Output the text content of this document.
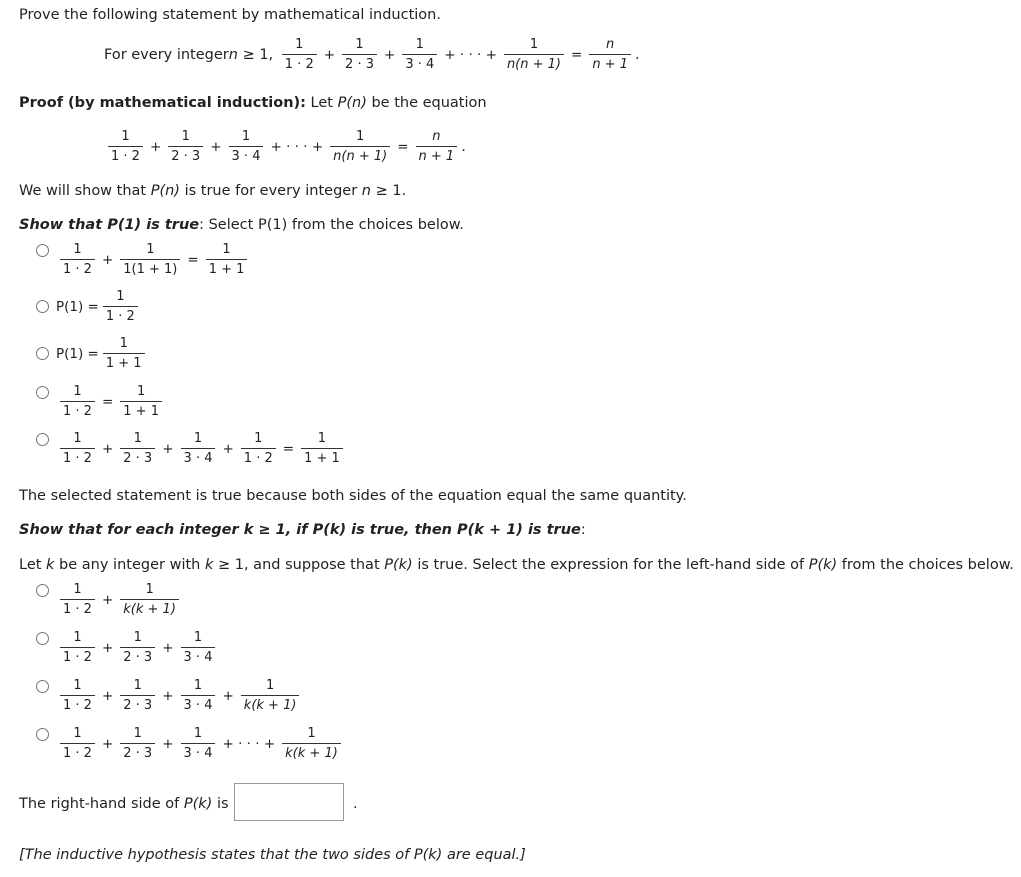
Prove the following statement by mathematical induction.
For every integer n ≥ 1, $\frac{1}{1 \cdot 2} + \frac{1}{2 \cdot 3} + \frac{1}{3 \cdot 4}$ + · · · + $\frac{1}{n(n + 1)} = \frac{n}{n + 1}$ .
Proof (by mathematical induction): Let P(n) be the equation
$\frac{1}{1 \cdot 2} + \frac{1}{2 \cdot 3} + \frac{1}{3 \cdot 4}$ + · · · + $\frac{1}{n(n + 1)} = \frac{n}{n + 1}$ .
We will show that P(n) is true for every integer n ≥ 1.
Show that P(1) is true: Select P(1) from the choices below.
$\frac{1}{1 \cdot 2} + \frac{1}{1(1 + 1)} = \frac{1}{1 + 1}$
$P(1) = \frac{1}{1 \cdot 2}$
$P(1) = \frac{1}{1 + 1}$
$\frac{1}{1 \cdot 2} = \frac{1}{1 + 1}$
$\frac{1}{1 \cdot 2} + \frac{1}{2 \cdot 3} + \frac{1}{3 \cdot 4} + \frac{1}{1 \cdot 2} = \frac{1}{1 + 1}$
The selected statement is true because both sides of the equation equal the same quantity.
Show that for each integer k ≥ 1, if P(k) is true, then P(k + 1) is true:
Let k be any integer with k ≥ 1, and suppose that P(k) is true. Select the expression for the left-hand side of P(k) from the choices below.
$\frac{1}{1 \cdot 2} + \frac{1}{k(k + 1)}$
$\frac{1}{1 \cdot 2} + \frac{1}{2 \cdot 3} + \frac{1}{3 \cdot 4}$
$\frac{1}{1 \cdot 2} + \frac{1}{2 \cdot 3} + \frac{1}{3 \cdot 4} + \frac{1}{k(k + 1)}$
$\frac{1}{1 \cdot 2} + \frac{1}{2 \cdot 3} + \frac{1}{3 \cdot 4}$ + · · · + $\frac{1}{k(k + 1)}$
The right-hand side of P(k) is	.
[The inductive hypothesis states that the two sides of P(k) are equal.]
